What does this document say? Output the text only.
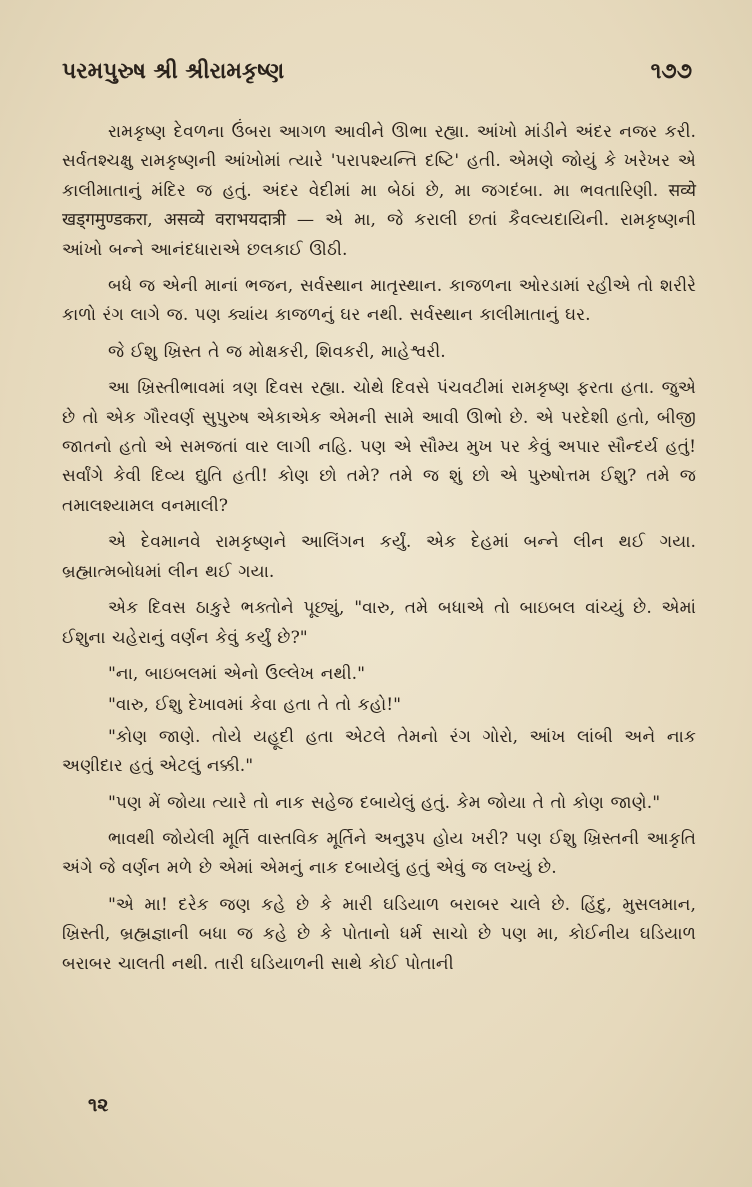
પરમપુરુષ શ્રી શ્રીરામકૃષ્ણ	૧૭૭

રામકૃષ્ણ દેવળના ઉંબરા આગળ આવીને ઊભા રહ્યા. આંખો માંડીને અંદર નજર કરી. સર્વતશ્ચક્ષુ રામકૃષ્ણની આંખોમાં ત્યારે 'પરાપશ્યન્તિ દષ્ટિ' હતી. એમણે જોયું કે ખરેખર એ કાલીમાતાનું મંદિર જ હતું. અંદર વેદીમાં મા બેઠાં છે, મા જગદંબા. મા ભવતારિણી. सव्ये खड्गमुण्डकरा, असव्ये वराभयदात्री — એ મા, જે કરાલી છતાં કૈવલ્યદાયિની. રામકૃષ્ણની આંખો બન્ને આનંદધારાએ છલકાઈ ઊઠી.

બધે જ એની માનાં ભજન, સર્વસ્થાન માતૃસ્થાન. કાજળના ઓરડામાં રહીએ તો શરીરે કાળો રંગ લાગે જ. પણ ક્યાંય કાજળનું ઘર નથી. સર્વસ્થાન કાલીમાતાનું ઘર.

જે ઈશુ ખ્રિસ્ત તે જ મોક્ષકરી, શિવકરી, માહેશ્વરી.

આ ખ્રિસ્તીભાવમાં ત્રણ દિવસ રહ્યા. ચોથે દિવસે પંચવટીમાં રામકૃષ્ણ ફરતા હતા. જુએ છે તો એક ગૌરવર્ણ સુપુરુષ એકાએક એમની સામે આવી ઊભો છે. એ પરદેશી હતો, બીજી જાતનો હતો એ સમજતાં વાર લાગી નહિ. પણ એ સૌમ્ય મુખ પર કેવું અપાર સૌન્દર્ય હતું! સર્વાંગે કેવી દિવ્ય દ્યુતિ હતી! કોણ છો તમે? તમે જ શું છો એ પુરુષોત્તમ ઈશુ? તમે જ તમાલશ્યામલ વનમાલી?

એ દેવમાનવે રામકૃષ્ણને આલિંગન કર્યું. એક દેહમાં બન્ને લીન થઈ ગયા. બ્રહ્માત્મબોધમાં લીન થઈ ગયા.

એક દિવસ ઠાકુરે ભક્તોને પૂછ્યું, "વારુ, તમે બધાએ તો બાઇબલ વાંચ્યું છે. એમાં ઈશુના ચહેરાનું વર્ણન કેવું કર્યું છે?"

"ના, બાઇબલમાં એનો ઉલ્લેખ નથી."

"વારુ, ઈશુ દેખાવમાં કેવા હતા તે તો કહો!"

"કોણ જાણે. તોયે યહૂદી હતા એટલે તેમનો રંગ ગોરો, આંખ લાંબી અને નાક અણીદાર હતું એટલું નક્કી."

"પણ મેં જોયા ત્યારે તો નાક સહેજ દબાયેલું હતું. કેમ જોયા તે તો કોણ જાણે."

ભાવથી જોયેલી મૂર્તિ વાસ્તવિક મૂર્તિને અનુરૂપ હોય ખરી? પણ ઈશુ ખ્રિસ્તની આકૃતિ અંગે જે વર્ણન મળે છે એમાં એમનું નાક દબાયેલું હતું એવું જ લખ્યું છે.

"એ મા! દરેક જણ કહે છે કે મારી ઘડિયાળ બરાબર ચાલે છે. હિંદુ, મુસલમાન, ખ્રિસ્તી, બ્રહ્મજ્ઞાની બધા જ કહે છે કે પોતાનો ધર્મ સાચો છે પણ મા, કોઈનીય ઘડિયાળ બરાબર ચાલતી નથી. તારી ઘડિયાળની સાથે કોઈ પોતાની

૧૨
